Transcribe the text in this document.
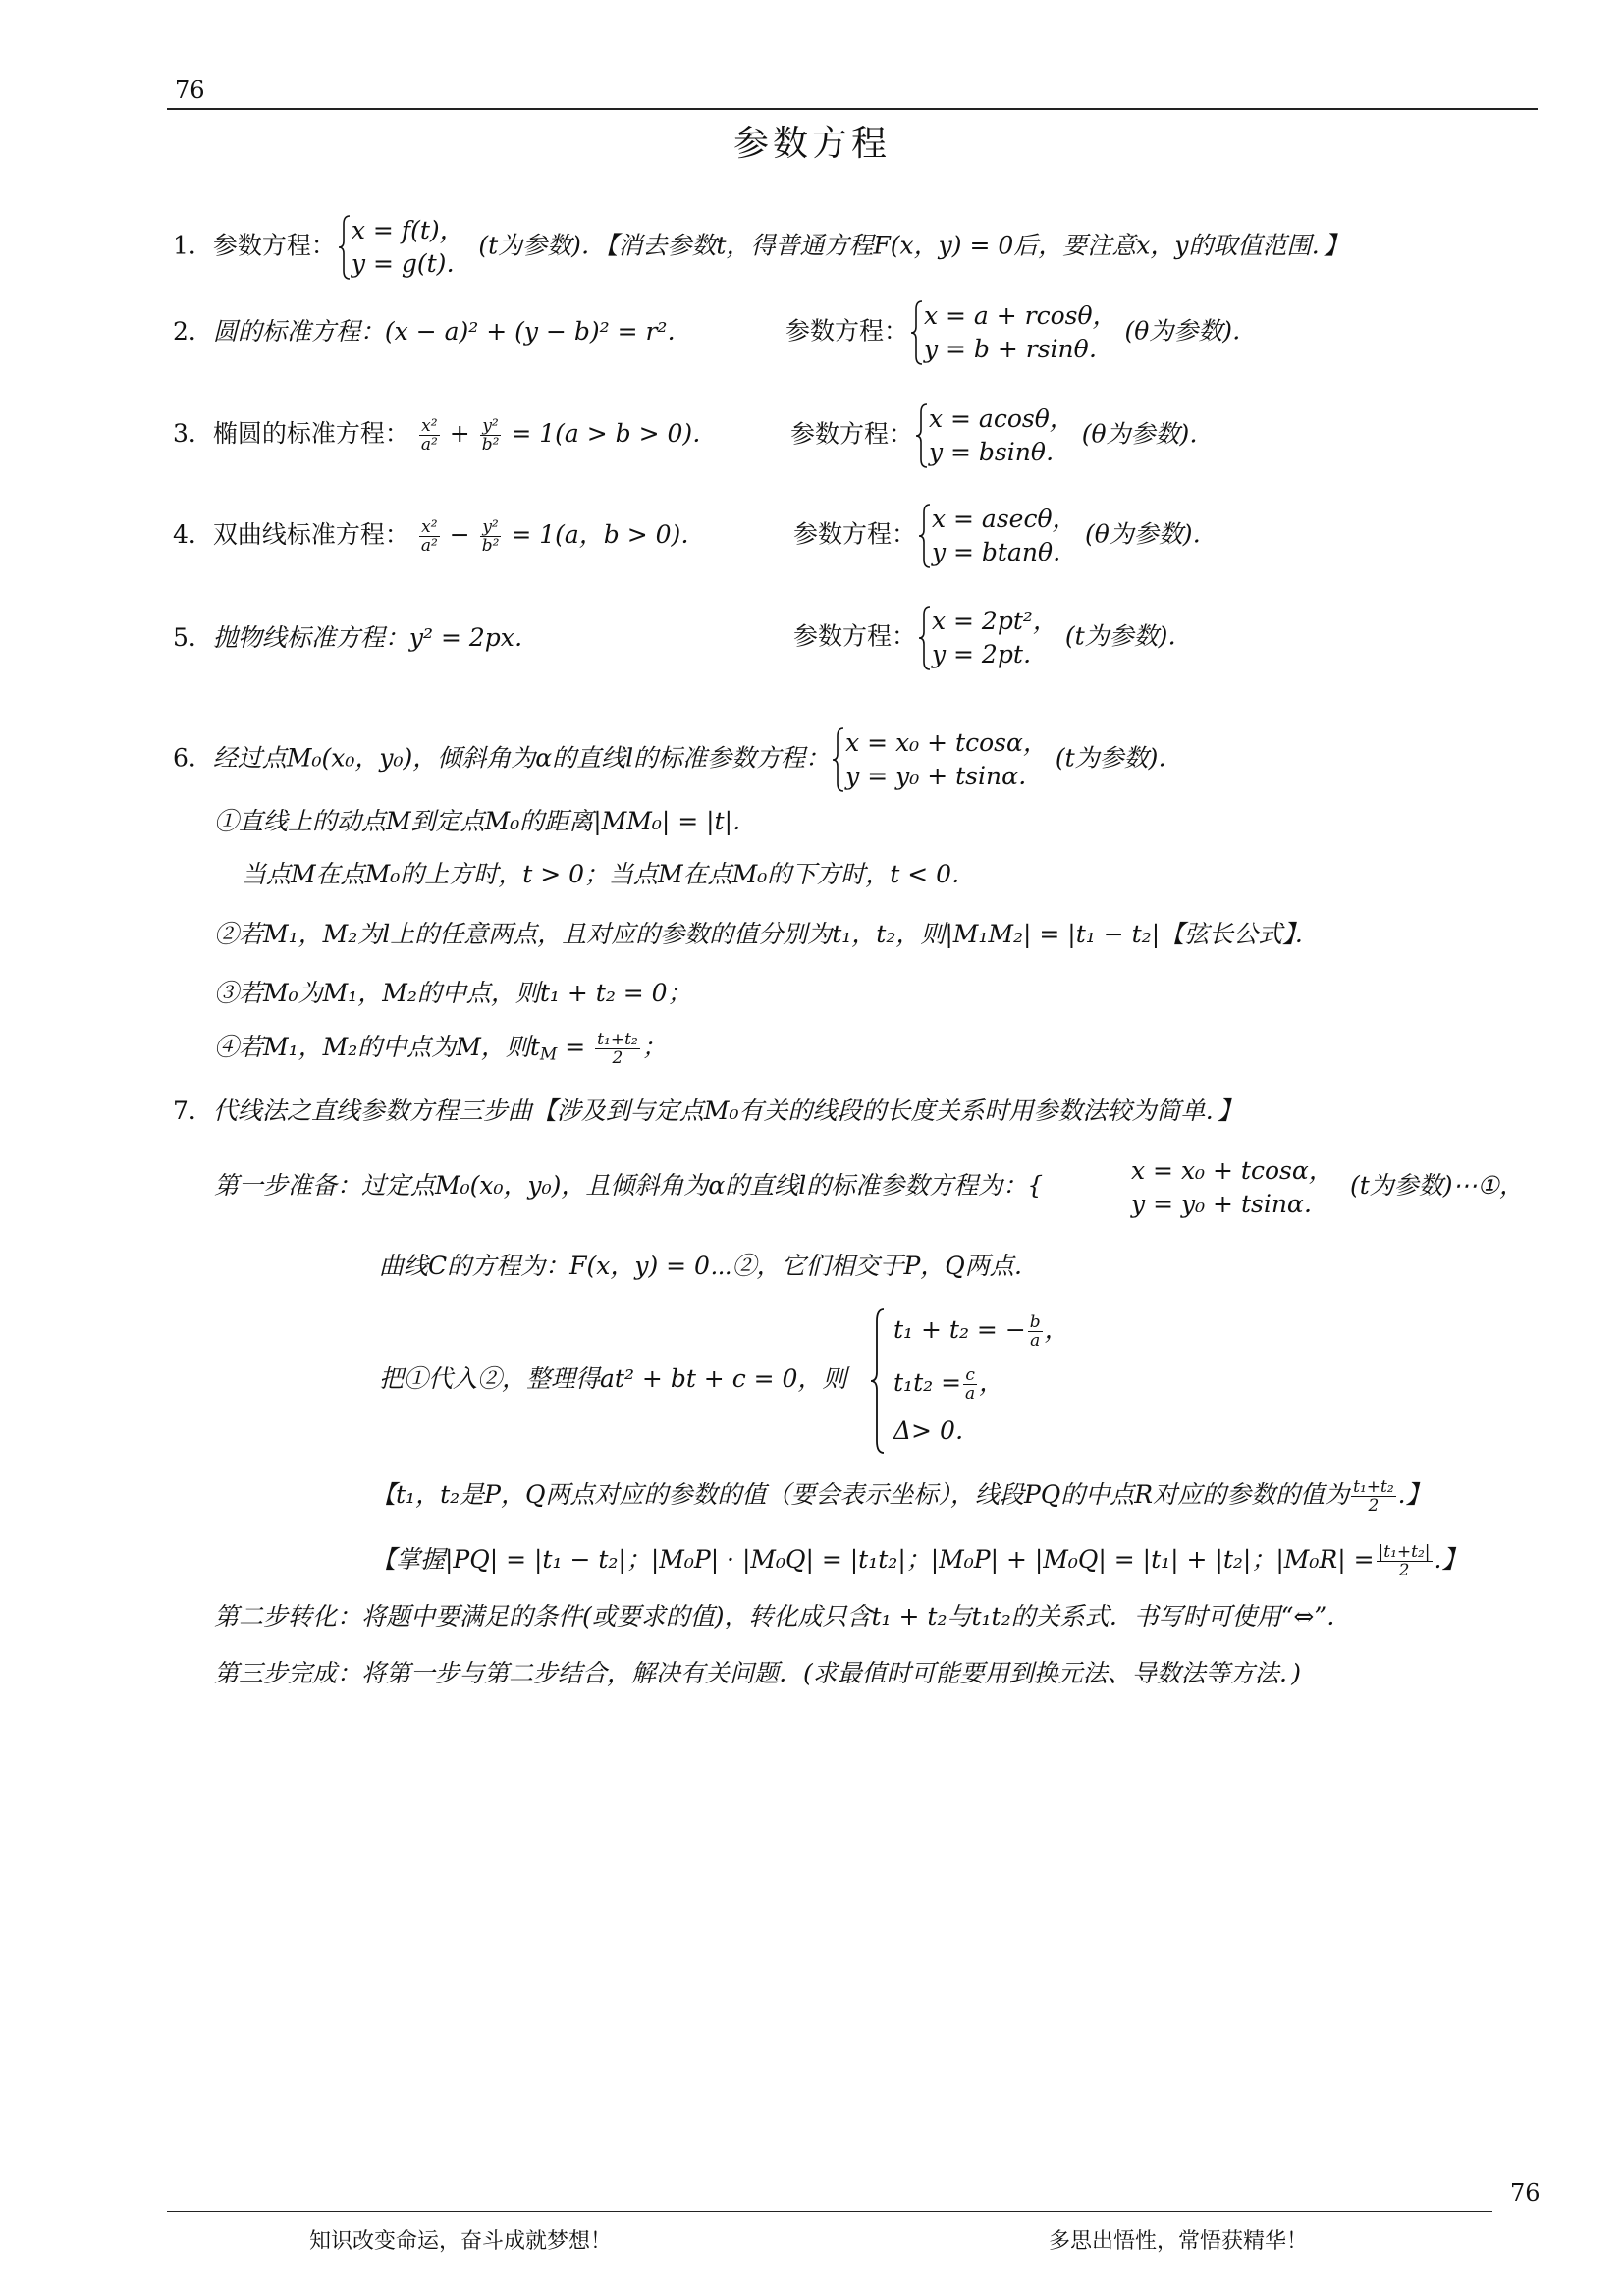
76
参数方程
1．参数方程：
x = f(t)，
y = g(t)．
(t为参数)．【消去参数t，得普通方程F(x，y) = 0后，要注意x，y的取值范围．】
2．圆的标准方程：(x − a)² + (y − b)² = r²．	参数方程：
x = a + rcosθ，
y = b + rsinθ．
(θ为参数)．
3．椭圆的标准方程： $\frac{\text{x²}}{\text{a²}} + \frac{\text{y²}}{\text{b²}} = 1(a > b > 0)$．	参数方程：
x = acosθ，
y = bsinθ．
(θ为参数)．
4．双曲线标准方程： $\frac{\text{x²}}{\text{a²}} - \frac{\text{y²}}{\text{b²}} = 1(a$，b > 0)．	参数方程：
x = asecθ，
y = btanθ．
(θ为参数)．
5．抛物线标准方程：y² = 2px．	参数方程：
x = 2pt²，
y = 2pt．
(t为参数)．
6．经过点M₀(x₀，y₀)，倾斜角为α的直线l的标准参数方程：
x = x₀ + tcosα，
y = y₀ + tsinα．
(t为参数)．
①直线上的动点M到定点M₀的距离|MM₀| = |t|．
当点M在点M₀的上方时，t > 0；当点M在点M₀的下方时，t < 0．
②若M₁，M₂为l上的任意两点，且对应的参数的值分别为t₁，t₂，则|M₁M₂| = |t₁ − t₂|【弦长公式】．
③若M₀为M₁，M₂的中点，则t₁ + t₂ = 0；
④若M₁，M₂的中点为M，则$t_M = \frac{\text{t₁+t₂}}{2}$ ；
7．代线法之直线参数方程三步曲【涉及到与定点M₀有关的线段的长度关系时用参数法较为简单．】
第一步准备：过定点M₀(x₀，y₀)，且倾斜角为α的直线l的标准参数方程为：{
x = x₀ + tcosα，
y = y₀ + tsinα．
(t为参数)⋯①，
曲线C的方程为：F(x，y) = 0⋯②，它们相交于P，Q两点．
把①代入②，整理得at² + bt + c = 0，则
t₁ + t₂ = − $\frac{b}{a}$ ，
$t_1t_2 = \frac{c}{a}$ ，
Δ> 0．
【t₁，t₂是P，Q两点对应的参数的值（要会表示坐标），线段PQ的中点R对应的参数的值为 $\frac{\text{t₁+t₂}}{2}$ .】
【掌握|PQ| = |t₁ − t₂|；|M₀P| · |M₀Q| = |t₁t₂|；|M₀P| + |M₀Q| = |t₁| + |t₂|；$|M_0R| = \frac{\text{|t₁+t₂|}}{2}$ .】
第二步转化：将题中要满足的条件(或要求的值)，转化成只含t₁ + t₂与t₁t₂的关系式．书写时可使用“⇔”．
第三步完成：将第一步与第二步结合，解决有关问题．(求最值时可能要用到换元法、导数法等方法．)
76
知识改变命运，奋斗成就梦想！	多思出悟性，常悟获精华！
